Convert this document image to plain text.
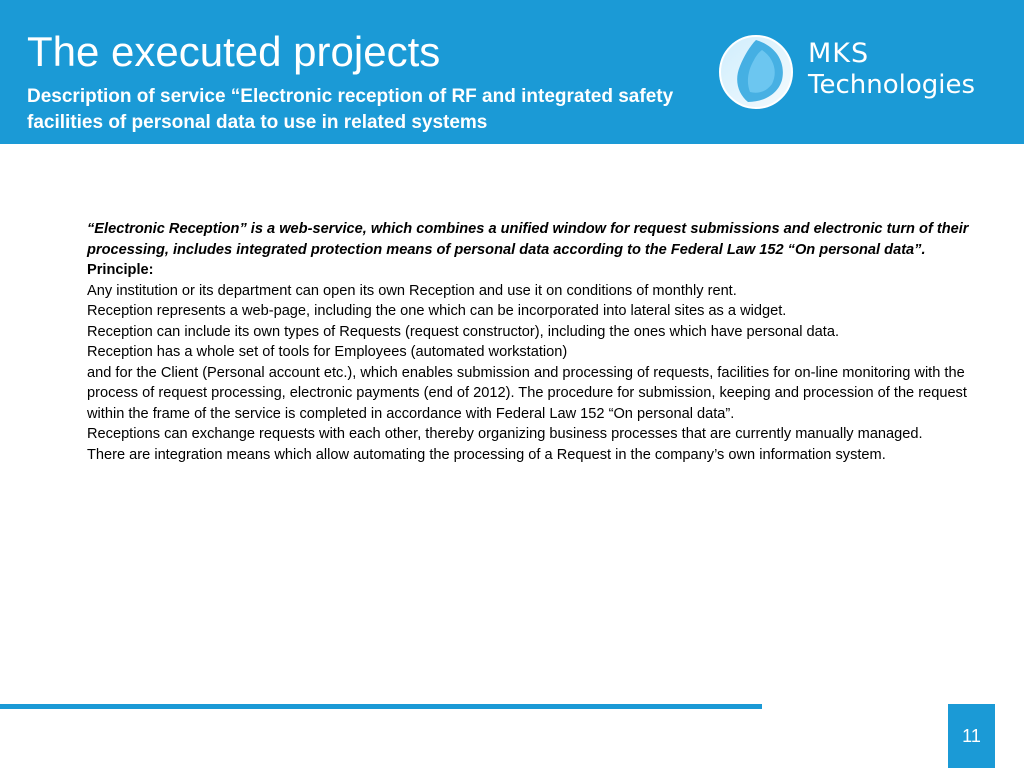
The executed projects

Description of service “Electronic reception of RF and integrated safety facilities of personal data to use in related systems

MKS
Technologies

“Electronic Reception” is a web-service, which combines a unified window for request submissions and electronic turn of their processing, includes integrated protection means of personal data according to the Federal Law 152 “On personal data”.

Principle:

Any institution or its department can open its own Reception and use it on conditions of monthly rent.

Reception represents a web-page, including the one which can be incorporated into lateral sites as a widget.

Reception can include its own types of Requests (request constructor), including the ones which have personal data.

Reception has a whole set of tools for Employees (automated workstation)

and for the Client (Personal account etc.), which enables submission and processing of requests, facilities for on-line monitoring with the process of request processing, electronic payments (end of 2012). The procedure for submission, keeping and procession of the request within the frame of the service is completed in accordance with Federal Law 152 “On personal data”.

Receptions can exchange requests with each other, thereby organizing business processes that are currently manually managed.

There are integration means which allow automating the processing of a Request in the company’s own information system.

11
